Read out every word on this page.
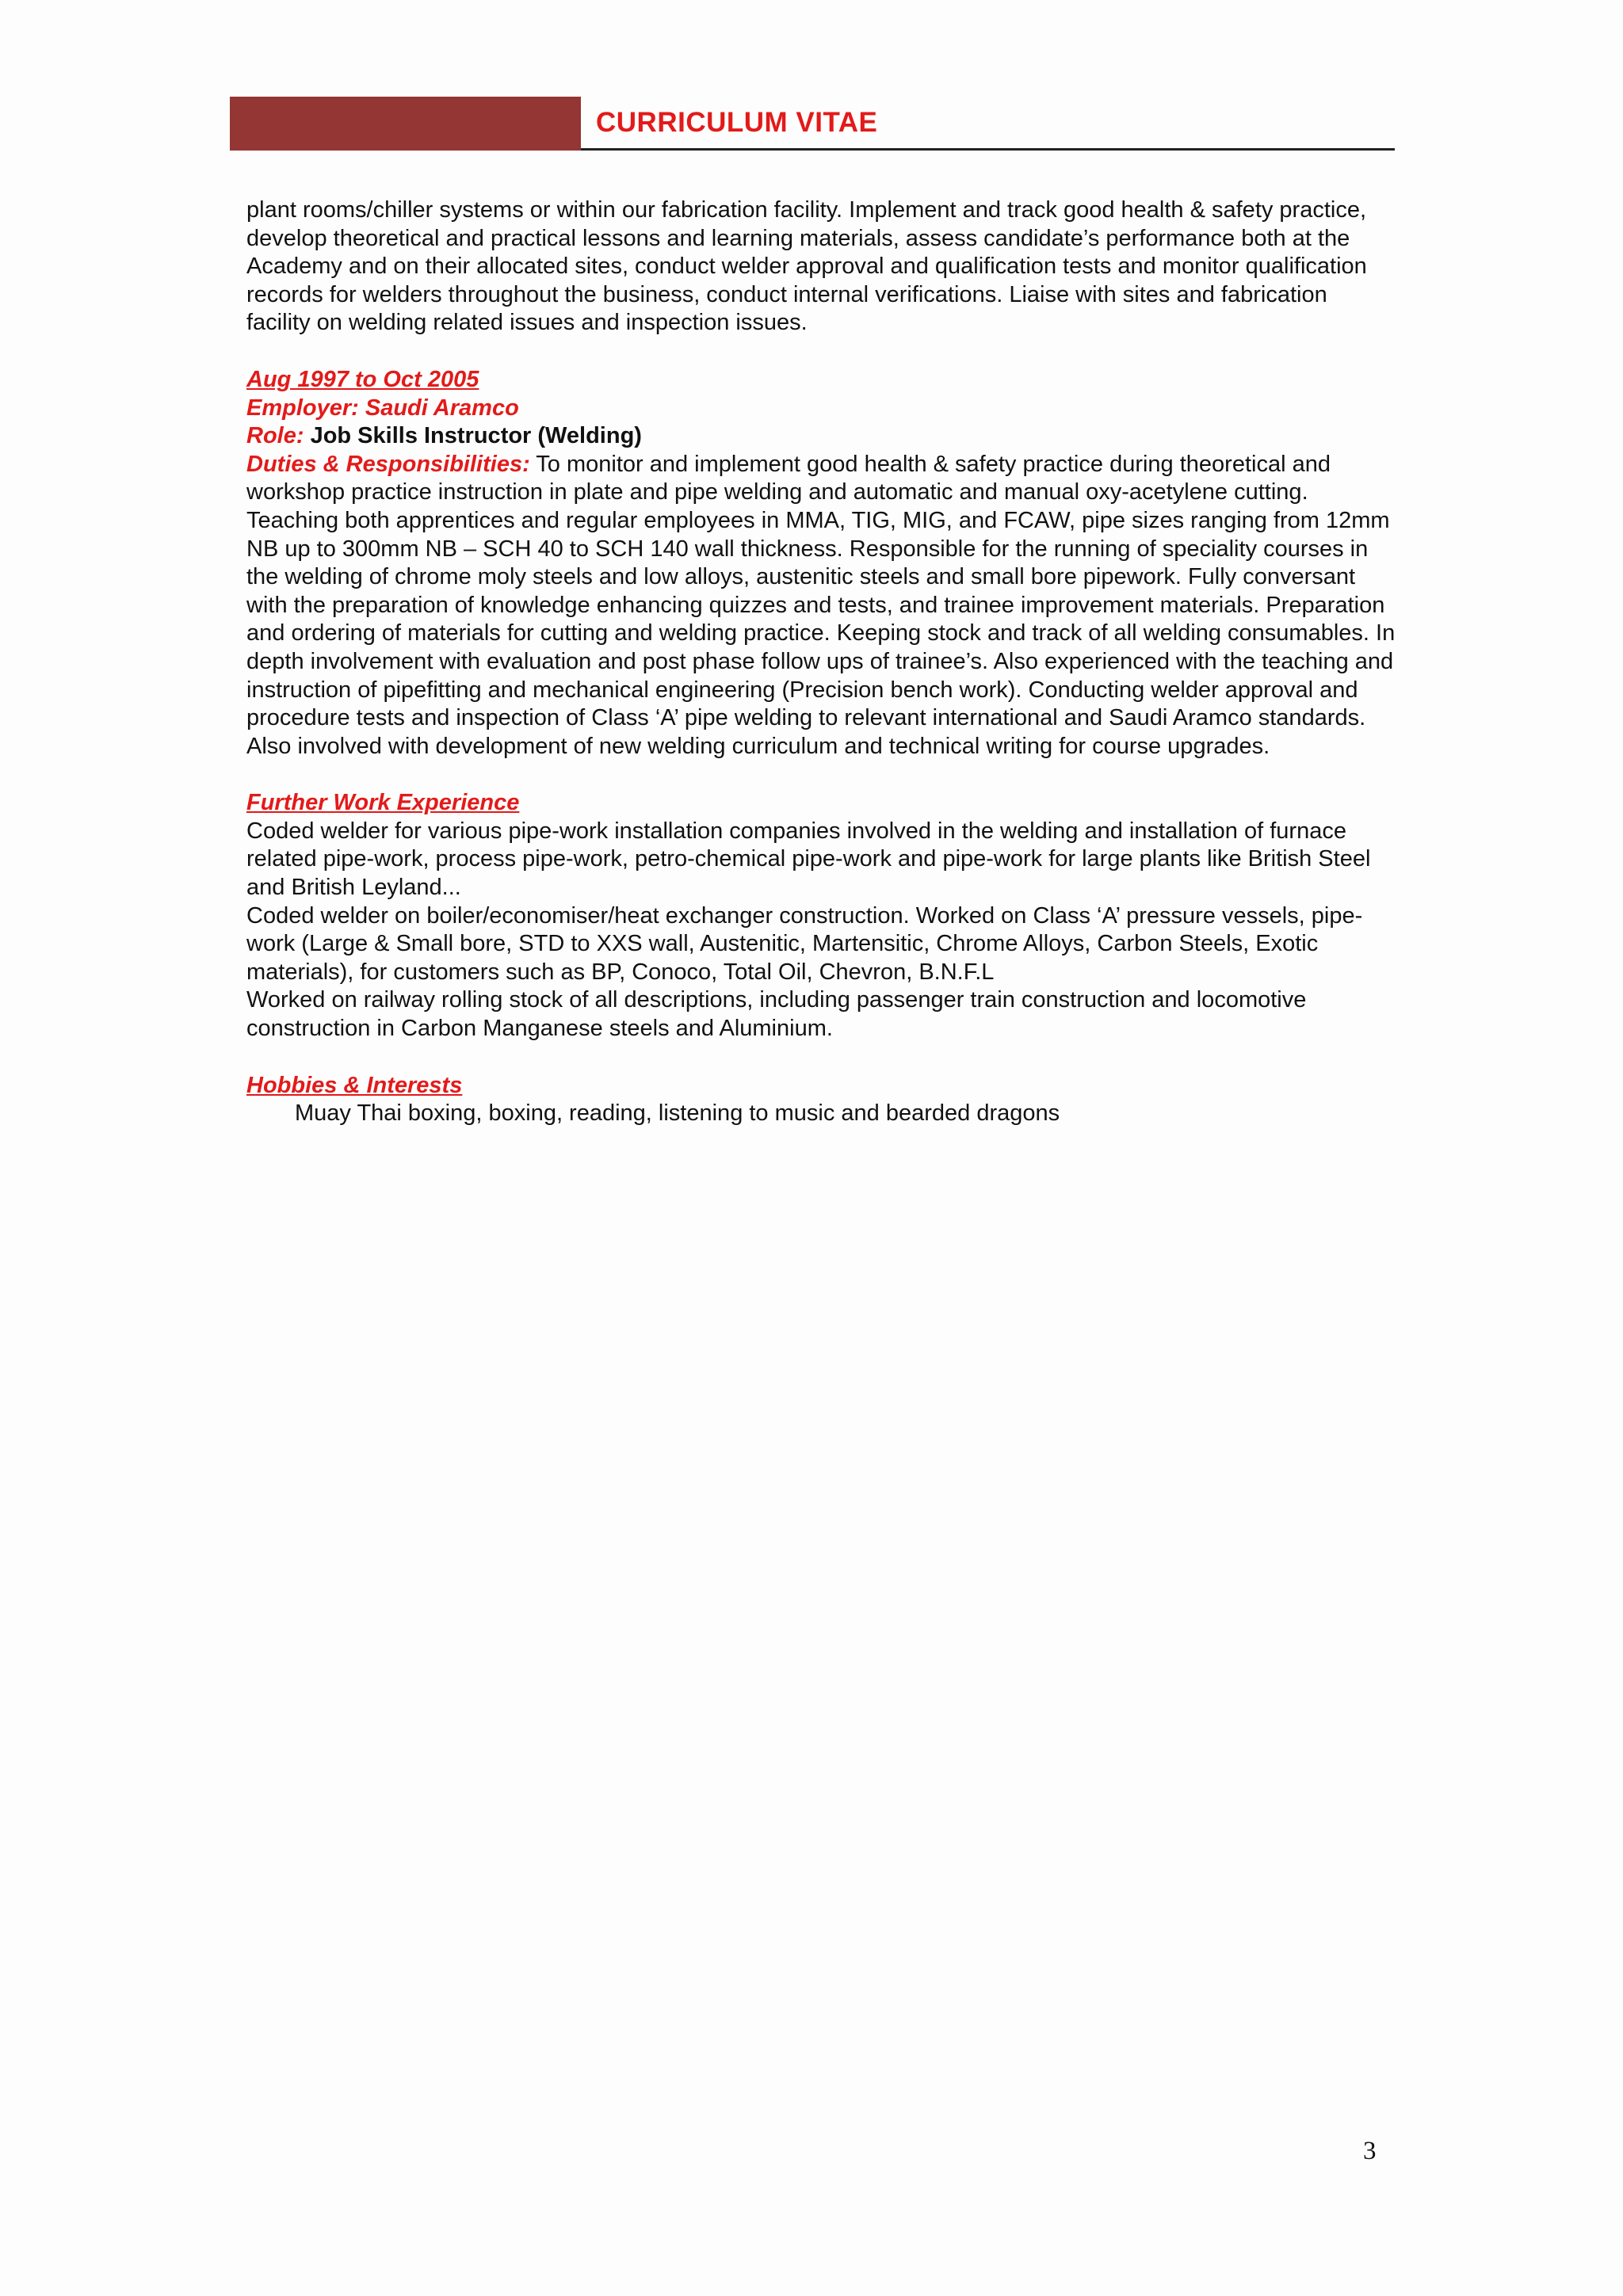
CURRICULUM VITAE

plant rooms/chiller systems or within our fabrication facility. Implement and track good health & safety practice, develop theoretical and practical lessons and learning materials, assess candidate’s performance both at the Academy and on their allocated sites, conduct welder approval and qualification tests and monitor qualification records for welders throughout the business, conduct internal verifications. Liaise with sites and fabrication facility on welding related issues and inspection issues.

Aug 1997 to Oct 2005

Employer: Saudi Aramco

Role: Job Skills Instructor (Welding)

Duties & Responsibilities: To monitor and implement good health & safety practice during theoretical and workshop practice instruction in plate and pipe welding and automatic and manual oxy-acetylene cutting. Teaching both apprentices and regular employees in MMA, TIG, MIG, and FCAW, pipe sizes ranging from 12mm NB up to 300mm NB – SCH 40 to SCH 140 wall thickness. Responsible for the running of speciality courses in the welding of chrome moly steels and low alloys, austenitic steels and small bore pipework. Fully conversant with the preparation of knowledge enhancing quizzes and tests, and trainee improvement materials. Preparation and ordering of materials for cutting and welding practice. Keeping stock and track of all welding consumables. In depth involvement with evaluation and post phase follow ups of trainee’s. Also experienced with the teaching and instruction of pipefitting and mechanical engineering (Precision bench work). Conducting welder approval and procedure tests and inspection of Class ‘A’ pipe welding to relevant international and Saudi Aramco standards. Also involved with development of new welding curriculum and technical writing for course upgrades.

Further Work Experience

Coded welder for various pipe-work installation companies involved in the welding and installation of furnace related pipe-work, process pipe-work, petro-chemical pipe-work and pipe-work for large plants like British Steel and British Leyland...

Coded welder on boiler/economiser/heat exchanger construction. Worked on Class ‘A’ pressure vessels, pipe-work (Large & Small bore, STD to XXS wall, Austenitic, Martensitic, Chrome Alloys, Carbon Steels, Exotic materials), for customers such as BP, Conoco, Total Oil, Chevron, B.N.F.L

Worked on railway rolling stock of all descriptions, including passenger train construction and locomotive construction in Carbon Manganese steels and Aluminium.

Hobbies & Interests

Muay Thai boxing, boxing, reading, listening to music and bearded dragons

3
